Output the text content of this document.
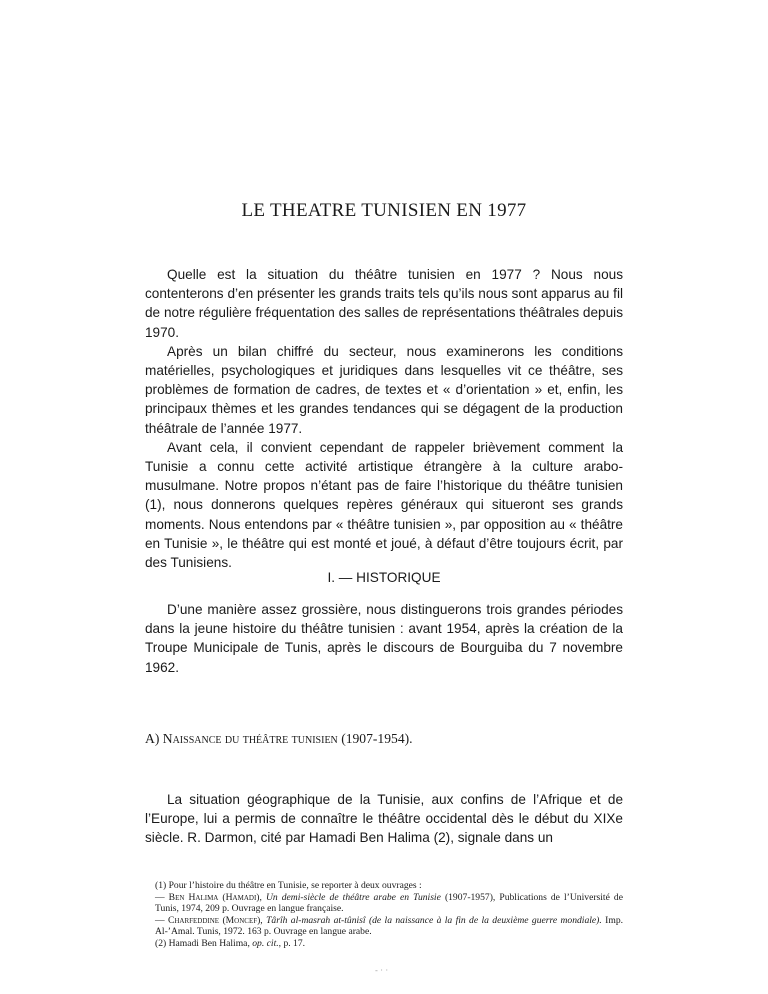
LE THEATRE TUNISIEN EN 1977

Quelle est la situation du théâtre tunisien en 1977 ? Nous nous contenterons d’en présenter les grands traits tels qu’ils nous sont apparus au fil de notre régulière fréquentation des salles de représentations théâtrales depuis 1970.

Après un bilan chiffré du secteur, nous examinerons les conditions matérielles, psychologiques et juridiques dans lesquelles vit ce théâtre, ses problèmes de formation de cadres, de textes et « d’orientation » et, enfin, les principaux thèmes et les grandes tendances qui se dégagent de la production théâtrale de l’année 1977.

Avant cela, il convient cependant de rappeler brièvement comment la Tunisie a connu cette activité artistique étrangère à la culture arabo-musulmane. Notre propos n’étant pas de faire l’historique du théâtre tunisien (1), nous donnerons quelques repères généraux qui situeront ses grands moments. Nous entendons par « théâtre tunisien », par opposition au « théâtre en Tunisie », le théâtre qui est monté et joué, à défaut d’être toujours écrit, par des Tunisiens.

I. — HISTORIQUE

D’une manière assez grossière, nous distinguerons trois grandes périodes dans la jeune histoire du théâtre tunisien : avant 1954, après la création de la Troupe Municipale de Tunis, après le discours de Bourguiba du 7 novembre 1962.

A) Naissance du théâtre tunisien (1907-1954).

La situation géographique de la Tunisie, aux confins de l’Afrique et de l’Europe, lui a permis de connaître le théâtre occidental dès le début du XIXe siècle. R. Darmon, cité par Hamadi Ben Halima (2), signale dans un

(1) Pour l’histoire du théâtre en Tunisie, se reporter à deux ouvrages :
— Ben Halima (Hamadi), Un demi-siècle de théâtre arabe en Tunisie (1907-1957), Publications de l’Université de Tunis, 1974, 209 p. Ouvrage en langue française.
— Charfeddine (Moncef), Târîh al-masrah at-tûnisî (de la naissance à la fin de la deuxième guerre mondiale). Imp. Al-’Amal. Tunis, 1972. 163 p. Ouvrage en langue arabe.
(2) Hamadi Ben Halima, op. cit., p. 17.
- · ·
